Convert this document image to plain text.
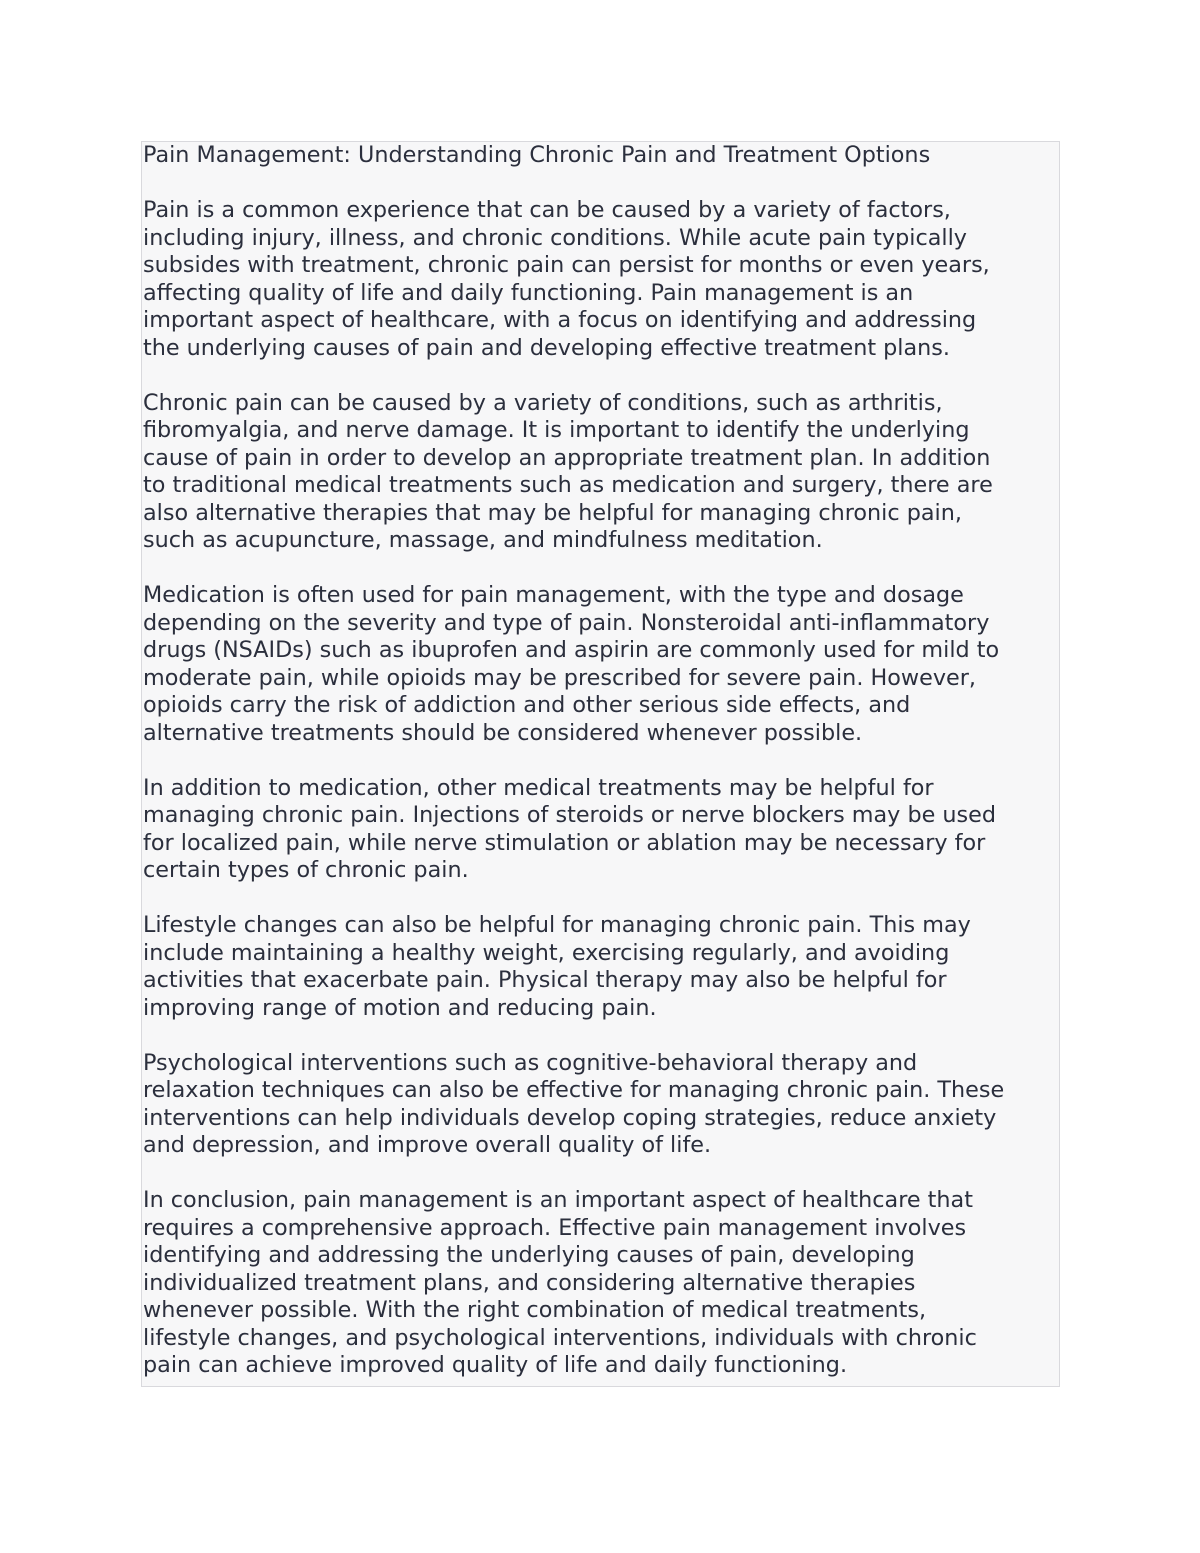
Pain Management: Understanding Chronic Pain and Treatment Options
Pain is a common experience that can be caused by a variety of factors,
including injury, illness, and chronic conditions. While acute pain typically
subsides with treatment, chronic pain can persist for months or even years,
affecting quality of life and daily functioning. Pain management is an
important aspect of healthcare, with a focus on identifying and addressing
the underlying causes of pain and developing effective treatment plans.
Chronic pain can be caused by a variety of conditions, such as arthritis,
fibromyalgia, and nerve damage. It is important to identify the underlying
cause of pain in order to develop an appropriate treatment plan. In addition
to traditional medical treatments such as medication and surgery, there are
also alternative therapies that may be helpful for managing chronic pain,
such as acupuncture, massage, and mindfulness meditation.
Medication is often used for pain management, with the type and dosage
depending on the severity and type of pain. Nonsteroidal anti-inflammatory
drugs (NSAIDs) such as ibuprofen and aspirin are commonly used for mild to
moderate pain, while opioids may be prescribed for severe pain. However,
opioids carry the risk of addiction and other serious side effects, and
alternative treatments should be considered whenever possible.
In addition to medication, other medical treatments may be helpful for
managing chronic pain. Injections of steroids or nerve blockers may be used
for localized pain, while nerve stimulation or ablation may be necessary for
certain types of chronic pain.
Lifestyle changes can also be helpful for managing chronic pain. This may
include maintaining a healthy weight, exercising regularly, and avoiding
activities that exacerbate pain. Physical therapy may also be helpful for
improving range of motion and reducing pain.
Psychological interventions such as cognitive-behavioral therapy and
relaxation techniques can also be effective for managing chronic pain. These
interventions can help individuals develop coping strategies, reduce anxiety
and depression, and improve overall quality of life.
In conclusion, pain management is an important aspect of healthcare that
requires a comprehensive approach. Effective pain management involves
identifying and addressing the underlying causes of pain, developing
individualized treatment plans, and considering alternative therapies
whenever possible. With the right combination of medical treatments,
lifestyle changes, and psychological interventions, individuals with chronic
pain can achieve improved quality of life and daily functioning.
